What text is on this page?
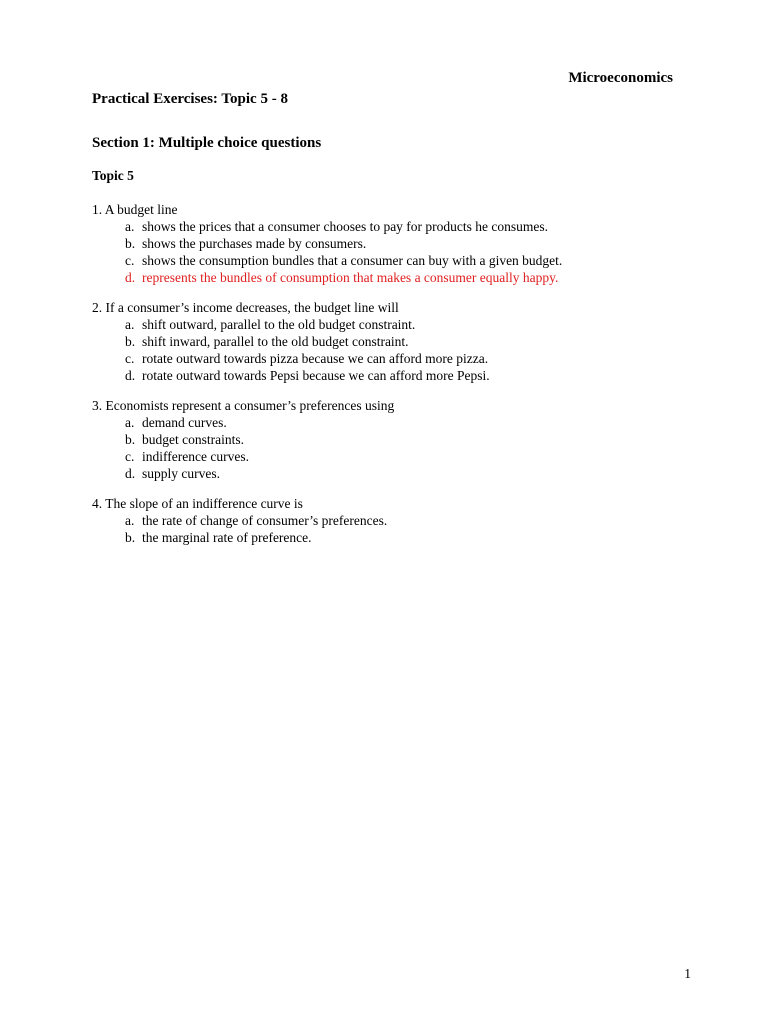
Microeconomics
Practical Exercises: Topic 5 - 8
Section 1: Multiple choice questions
Topic 5
1. A budget line
a. shows the prices that a consumer chooses to pay for products he consumes.
b. shows the purchases made by consumers.
c. shows the consumption bundles that a consumer can buy with a given budget.
d. represents the bundles of consumption that makes a consumer equally happy.
2. If a consumer’s income decreases, the budget line will
a. shift outward, parallel to the old budget constraint.
b. shift inward, parallel to the old budget constraint.
c. rotate outward towards pizza because we can afford more pizza.
d. rotate outward towards Pepsi because we can afford more Pepsi.
3. Economists represent a consumer’s preferences using
a. demand curves.
b. budget constraints.
c. indifference curves.
d. supply curves.
4. The slope of an indifference curve is
a. the rate of change of consumer’s preferences.
b. the marginal rate of preference.
1
